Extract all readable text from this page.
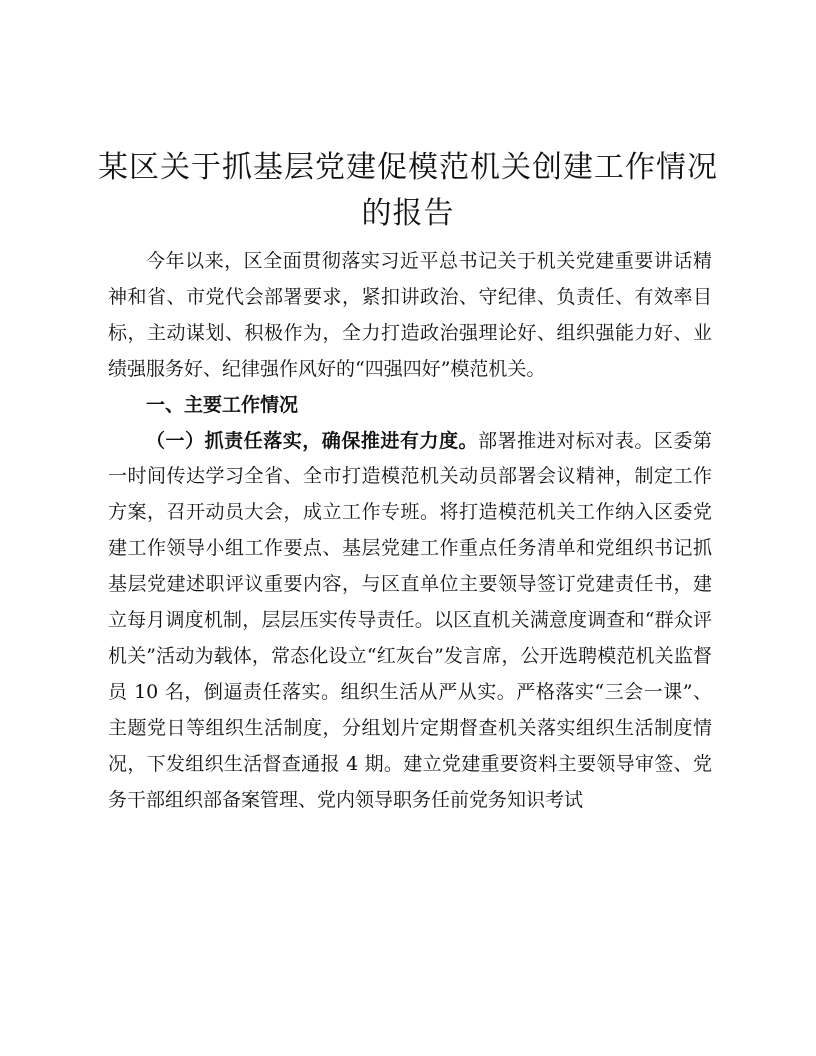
某区关于抓基层党建促模范机关创建工作情况
的报告

今年以来，区全面贯彻落实习近平总书记关于机关党建重要讲话精神和省、市党代会部署要求，紧扣讲政治、守纪律、负责任、有效率目标，主动谋划、积极作为，全力打造政治强理论好、组织强能力好、业绩强服务好、纪律强作风好的“四强四好”模范机关。

一、主要工作情况

（一）抓责任落实，确保推进有力度。部署推进对标对表。区委第一时间传达学习全省、全市打造模范机关动员部署会议精神，制定工作方案，召开动员大会，成立工作专班。将打造模范机关工作纳入区委党建工作领导小组工作要点、基层党建工作重点任务清单和党组织书记抓基层党建述职评议重要内容，与区直单位主要领导签订党建责任书，建立每月调度机制，层层压实传导责任。以区直机关满意度调查和“群众评机关”活动为载体，常态化设立“红灰台”发言席，公开选聘模范机关监督员 10 名，倒逼责任落实。组织生活从严从实。严格落实“三会一课”、主题党日等组织生活制度，分组划片定期督查机关落实组织生活制度情况，下发组织生活督查通报 4 期。建立党建重要资料主要领导审签、党务干部组织部备案管理、党内领导职务任前党务知识考试
